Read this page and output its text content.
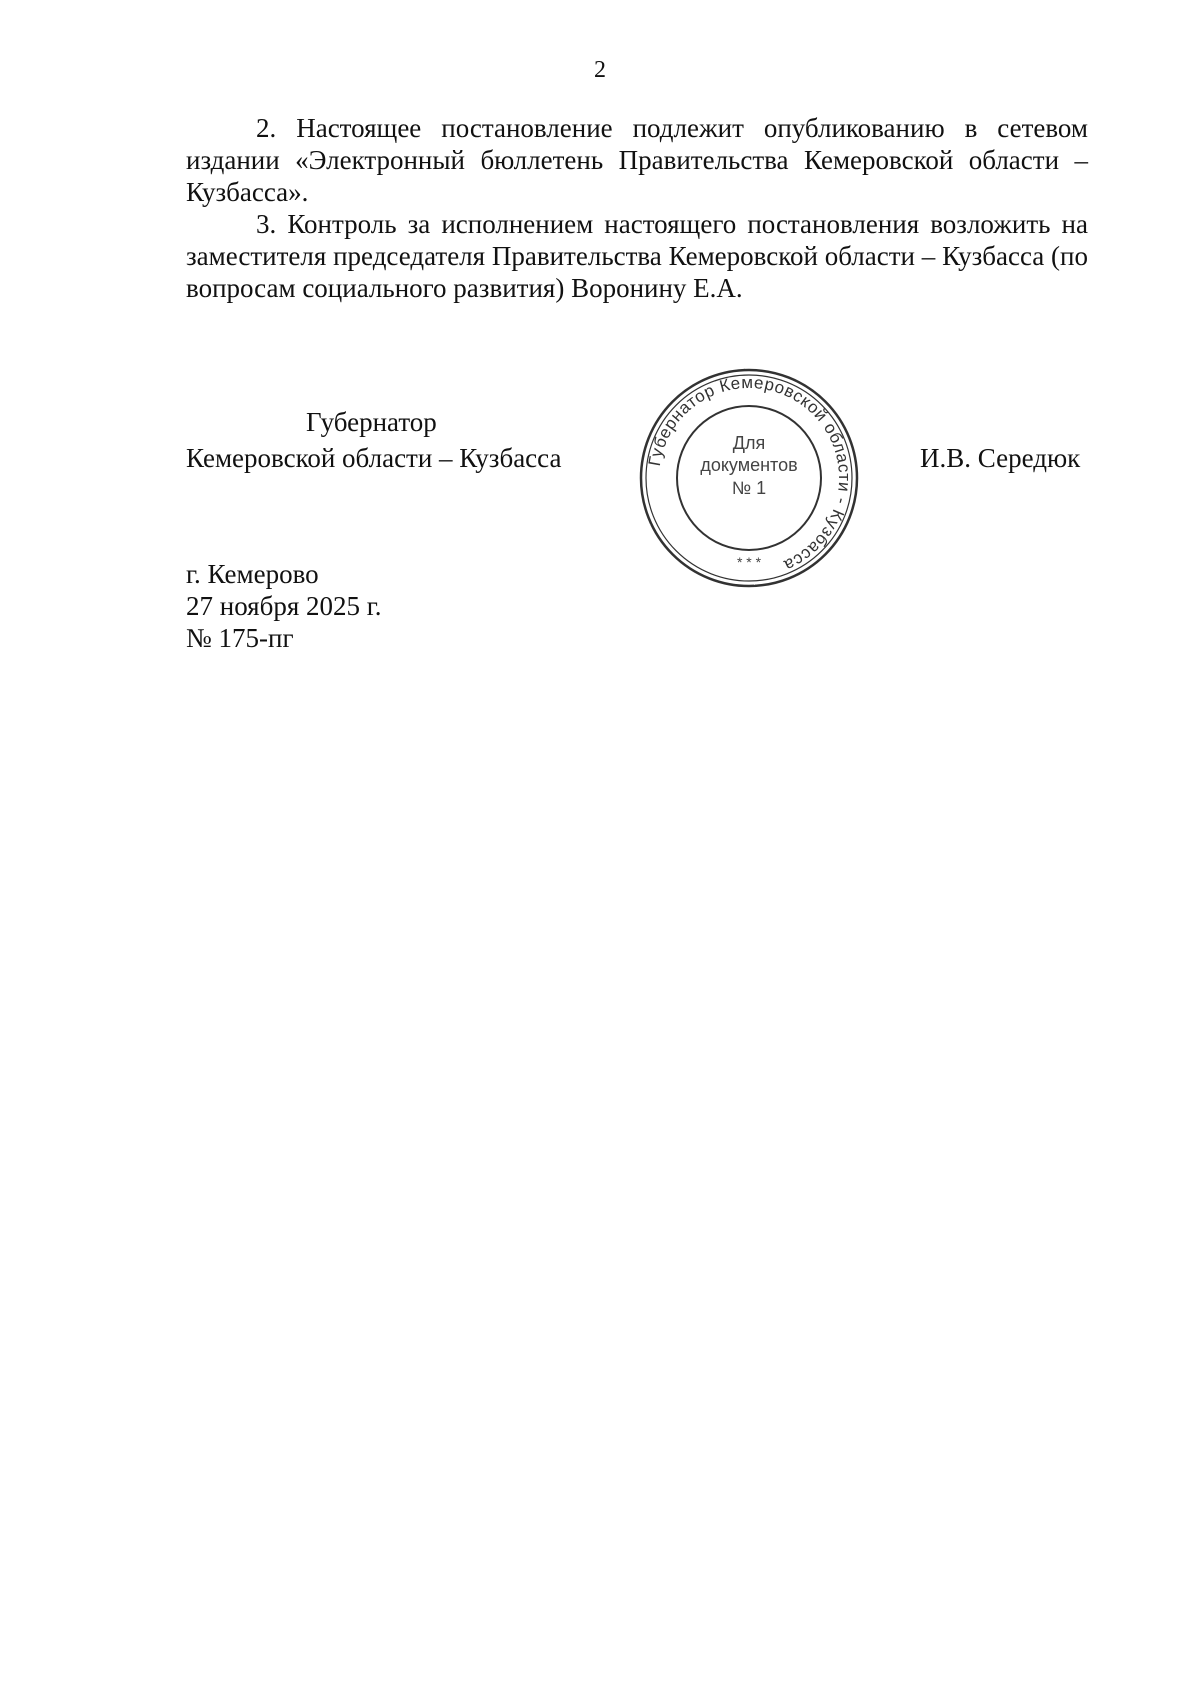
2

2. Настоящее постановление подлежит опубликованию в сетевом издании «Электронный бюллетень Правительства Кемеровской области – Кузбасса».

3. Контроль за исполнением настоящего постановления возложить на заместителя председателя Правительства Кемеровской области – Кузбасса (по вопросам социального развития) Воронину Е.А.

Губернатор
Кемеровской области – Кузбасса	Губернатор Кемеровской области - Кузбасса
Для
документов
№ 1
* * *
И.В. Середюк
г. Кемерово
27 ноября 2025 г.
№ 175-пг
